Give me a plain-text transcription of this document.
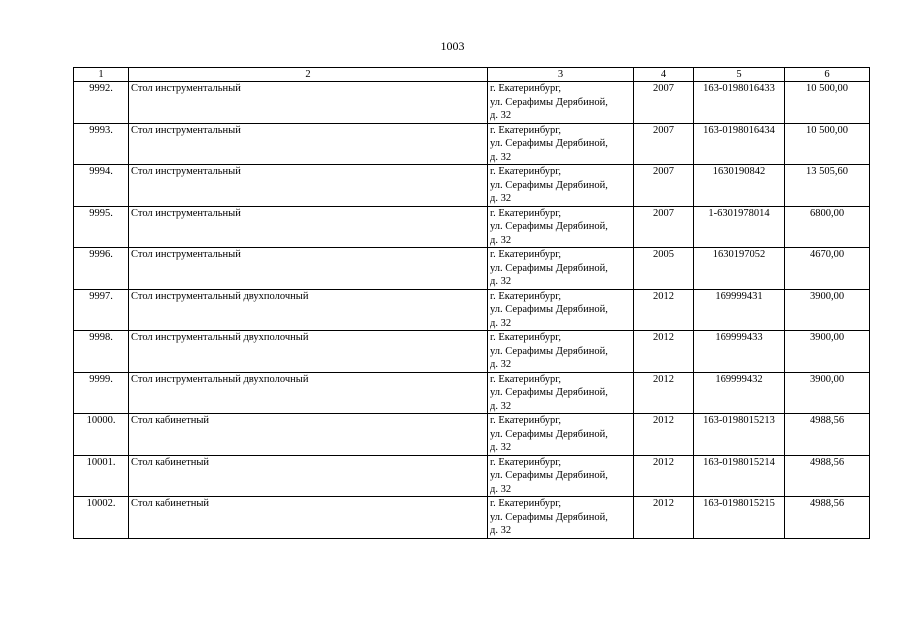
1003
1	2	3	4	5	6
9992.	Стол инструментальный	г. Екатеринбург,
ул. Серафимы Дерябиной,
д. 32	2007	163-0198016433	10 500,00
9993.	Стол инструментальный	г. Екатеринбург,
ул. Серафимы Дерябиной,
д. 32	2007	163-0198016434	10 500,00
9994.	Стол инструментальный	г. Екатеринбург,
ул. Серафимы Дерябиной,
д. 32	2007	1630190842	13 505,60
9995.	Стол инструментальный	г. Екатеринбург,
ул. Серафимы Дерябиной,
д. 32	2007	1-6301978014	6800,00
9996.	Стол инструментальный	г. Екатеринбург,
ул. Серафимы Дерябиной,
д. 32	2005	1630197052	4670,00
9997.	Стол инструментальный двухполочный	г. Екатеринбург,
ул. Серафимы Дерябиной,
д. 32	2012	169999431	3900,00
9998.	Стол инструментальный двухполочный	г. Екатеринбург,
ул. Серафимы Дерябиной,
д. 32	2012	169999433	3900,00
9999.	Стол инструментальный двухполочный	г. Екатеринбург,
ул. Серафимы Дерябиной,
д. 32	2012	169999432	3900,00
10000.	Стол кабинетный	г. Екатеринбург,
ул. Серафимы Дерябиной,
д. 32	2012	163-0198015213	4988,56
10001.	Стол кабинетный	г. Екатеринбург,
ул. Серафимы Дерябиной,
д. 32	2012	163-0198015214	4988,56
10002.	Стол кабинетный	г. Екатеринбург,
ул. Серафимы Дерябиной,
д. 32	2012	163-0198015215	4988,56
